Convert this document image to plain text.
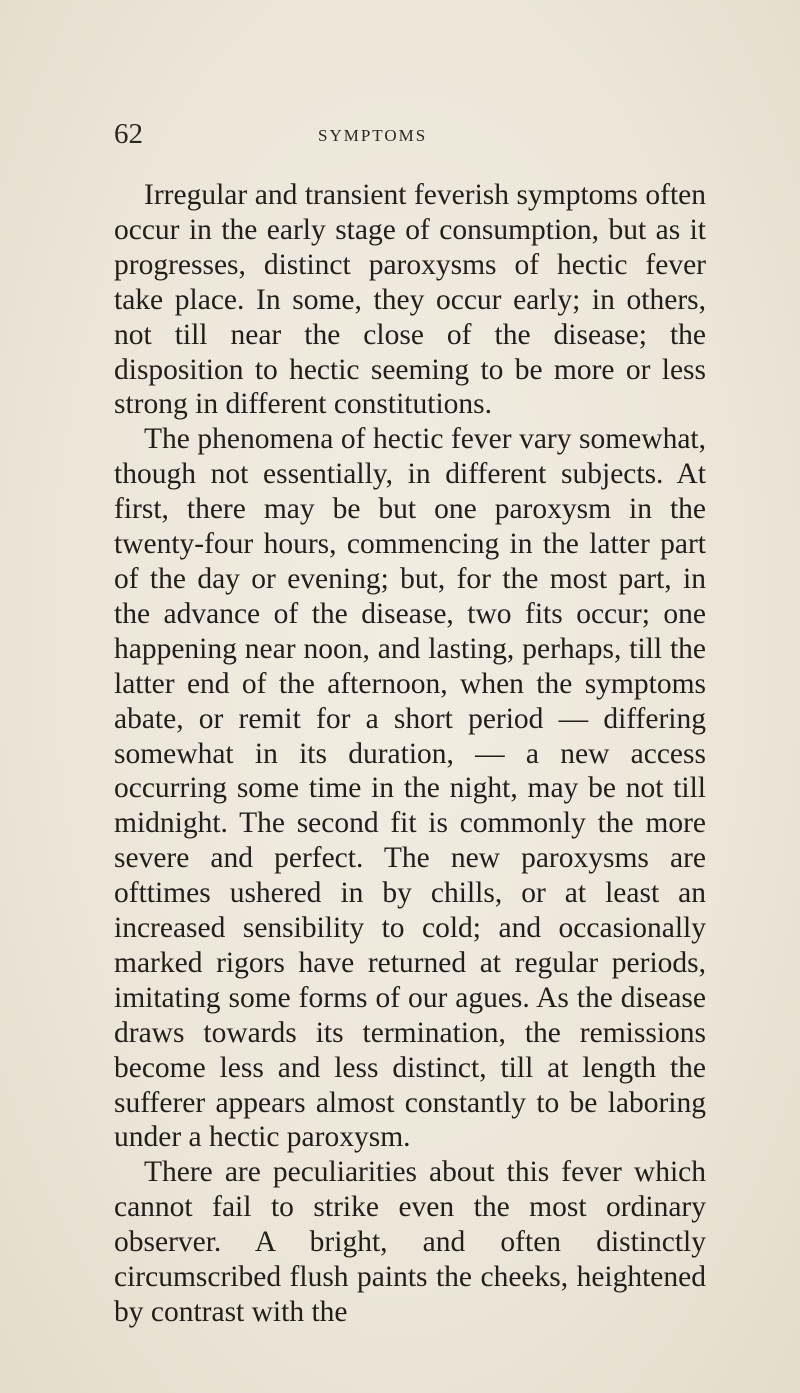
62	SYMPTOMS

Irregular and transient feverish symptoms often occur in the early stage of consumption, but as it progresses, distinct paroxysms of hectic fever take place. In some, they occur early; in others, not till near the close of the disease; the disposition to hectic seeming to be more or less strong in different constitutions.

The phenomena of hectic fever vary somewhat, though not essentially, in different subjects. At first, there may be but one paroxysm in the twenty-four hours, commencing in the latter part of the day or evening; but, for the most part, in the advance of the disease, two fits occur; one happening near noon, and lasting, perhaps, till the latter end of the afternoon, when the symptoms abate, or remit for a short period — differing somewhat in its duration, — a new access occurring some time in the night, may be not till midnight. The second fit is commonly the more severe and perfect. The new paroxysms are ofttimes ushered in by chills, or at least an increased sensibility to cold; and occasionally marked rigors have returned at regular periods, imitating some forms of our agues. As the disease draws towards its termination, the remissions become less and less distinct, till at length the sufferer appears almost constantly to be laboring under a hectic paroxysm.

There are peculiarities about this fever which cannot fail to strike even the most ordinary observer. A bright, and often distinctly circumscribed flush paints the cheeks, heightened by contrast with the
